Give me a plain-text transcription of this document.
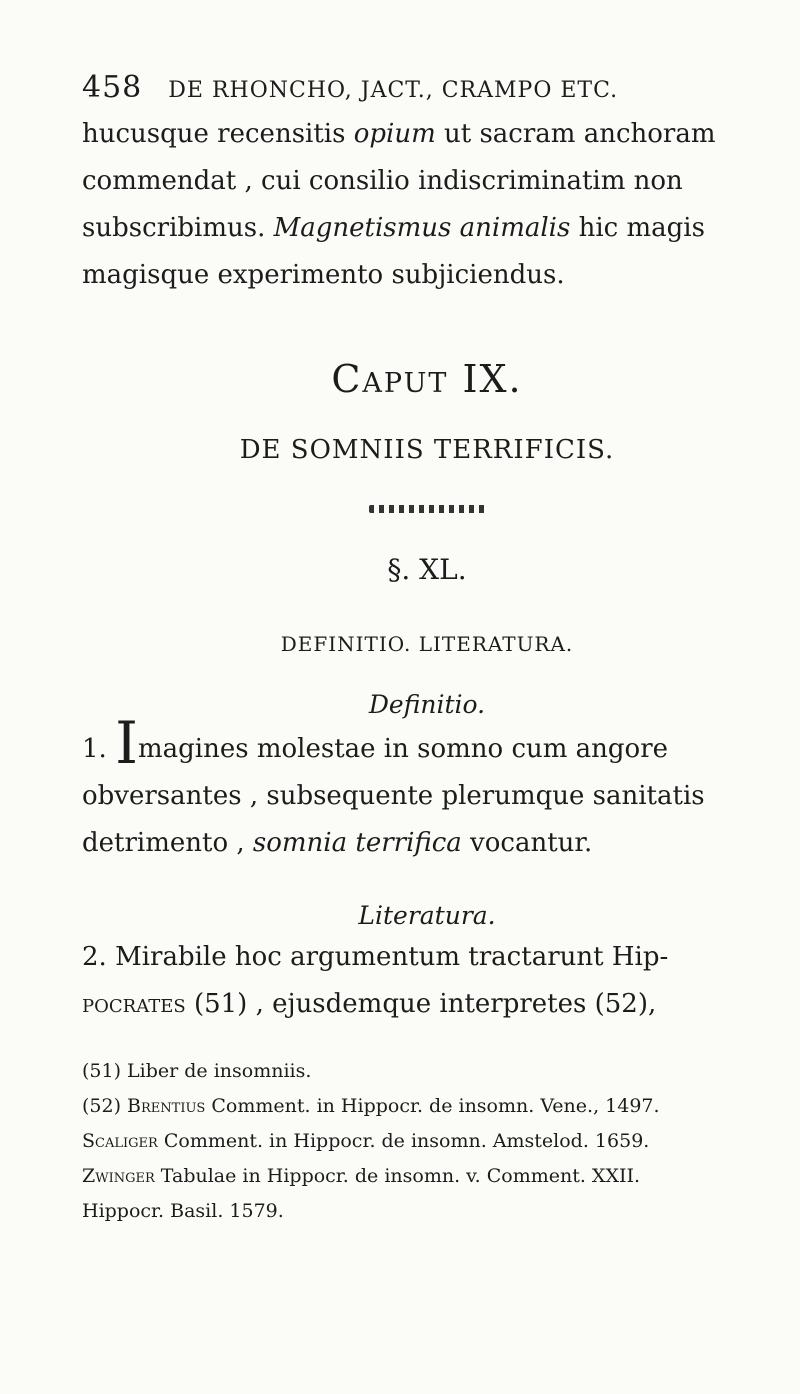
458 DE RHONCHO, JACT., CRAMPO ETC.

hucusque recensitis opium ut sacram anchoram
commendat , cui consilio indiscriminatim non
subscribimus. Magnetismus animalis hic magis
magisque experimento subjiciendus.

Caput IX.
DE SOMNIIS TERRIFICIS.
§. XL.
DEFINITIO. LITERATURA.
Definitio.

1. Imagines molestae in somno cum angore
obversantes , subsequente plerumque sanitatis
detrimento , somnia terrifica vocantur.

Literatura.

2. Mirabile hoc argumentum tractarunt Hip-
pocrates (51) , ejusdemque interpretes (52),

(51) Liber de insomniis.
(52) Brentius Comment. in Hippocr. de insomn. Vene., 1497.
Scaliger Comment. in Hippocr. de insomn. Amstelod. 1659.
Zwinger Tabulae in Hippocr. de insomn. v. Comment. XXII.
Hippocr. Basil. 1579.
